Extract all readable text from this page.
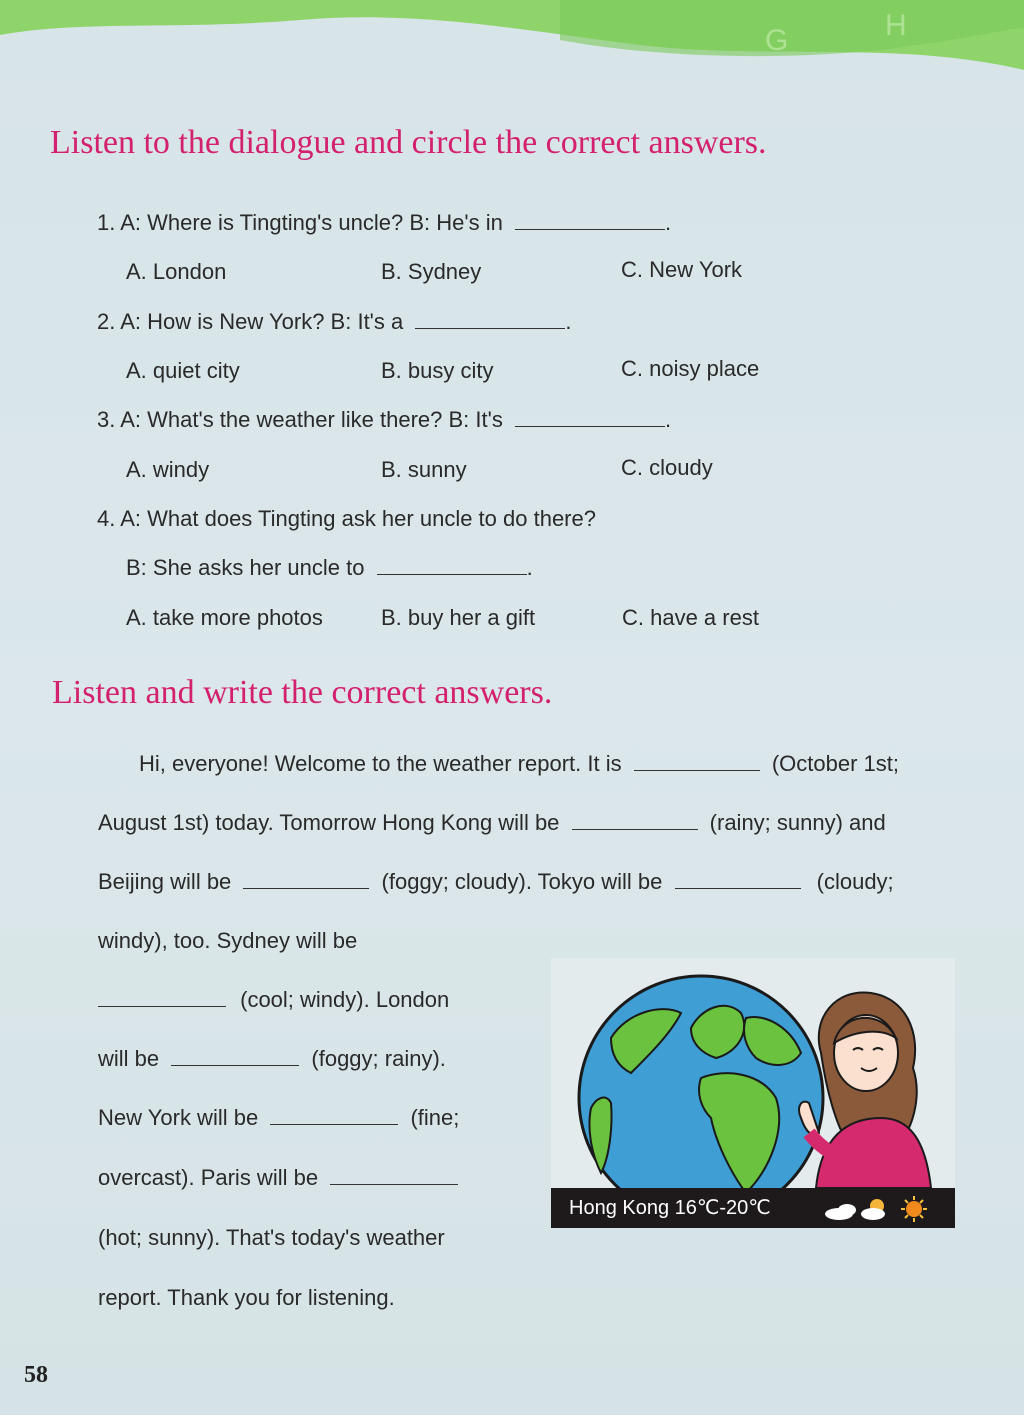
G	H
Listen to the dialogue and circle the correct answers.
1. A: Where is Tingting's uncle? B: He's in	.
A. London	B. Sydney	C. New York
2. A: How is New York? B: It's a	.
A. quiet city	B. busy city	C. noisy place
3. A: What's the weather like there? B: It's	.
A. windy	B. sunny	C. cloudy
4. A: What does Tingting ask her uncle to do there?
B: She asks her uncle to	.
A. take more photos	B. buy her a gift	C. have a rest
Listen and write the correct answers.
Hi, everyone! Welcome to the weather report. It is	(October 1st;
August 1st) today. Tomorrow Hong Kong will be	(rainy; sunny) and
Beijing will be	(foggy; cloudy). Tokyo will be	(cloudy;
windy), too. Sydney will be
(cool; windy). London
will be	(foggy; rainy).
New York will be	(fine;
overcast). Paris will be
(hot; sunny). That's today's weather
report. Thank you for listening.
Hong Kong 16℃-20℃
58
